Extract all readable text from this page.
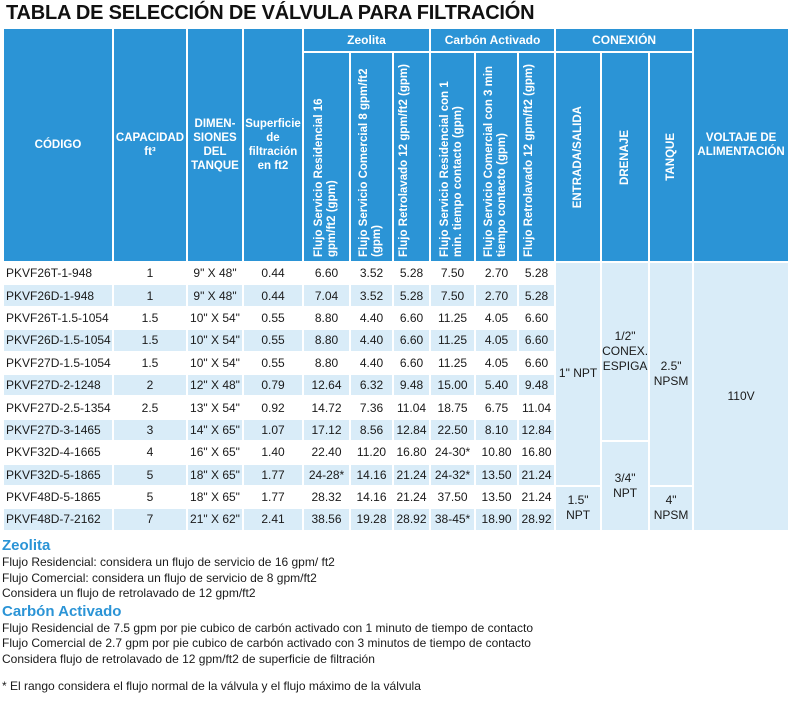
TABLA DE SELECCIÓN DE VÁLVULA PARA FILTRACIÓN
CÓDIGO	CAPACIDAD ft³	DIMEN-SIONES DEL TANQUE	Superficie de filtración en ft2	Zeolita			Carbón Activado			CONEXIÓN			VOLTAJE DE ALIMENTACIÓN

				Flujo Servicio Residencial 16 gpm/ft2 (gpm)	Flujo Servicio Comercial 8 gpm/ft2 (gpm)	Flujo Retrolavado 12 gpm/ft2 (gpm)	Flujo Servicio Residencial con 1 min. tiempo contacto (gpm)	Flujo Servicio Comercial con 3 min tiempo contacto (gpm)	Flujo Retrolavado 12 gpm/ft2 (gpm)	ENTRADA/SALIDA	DRENAJE	TANQUE	

PKVF26T-1-948	1	9" X 48"	0.44	6.60	3.52	5.28	7.50	2.70	5.28	1" NPT	1/2" CONEX. ESPIGA	2.5" NPSM	110V
PKVF26D-1-948	1	9" X 48"	0.44	7.04	3.52	5.28	7.50	2.70	5.28				
PKVF26T-1.5-1054	1.5	10" X 54"	0.55	8.80	4.40	6.60	11.25	4.05	6.60				
PKVF26D-1.5-1054	1.5	10" X 54"	0.55	8.80	4.40	6.60	11.25	4.05	6.60				
PKVF27D-1.5-1054	1.5	10" X 54"	0.55	8.80	4.40	6.60	11.25	4.05	6.60				
PKVF27D-2-1248	2	12" X 48"	0.79	12.64	6.32	9.48	15.00	5.40	9.48				
PKVF27D-2.5-1354	2.5	13" X 54"	0.92	14.72	7.36	11.04	18.75	6.75	11.04				
PKVF27D-3-1465	3	14" X 65"	1.07	17.12	8.56	12.84	22.50	8.10	12.84				
PKVF32D-4-1665	4	16" X 65"	1.40	22.40	11.20	16.80	24-30*	10.80	16.80		3/4" NPT		
PKVF32D-5-1865	5	18" X 65"	1.77	24-28*	14.16	21.24	24-32*	13.50	21.24				
PKVF48D-5-1865	5	18" X 65"	1.77	28.32	14.16	21.24	37.50	13.50	21.24	1.5" NPT		4" NPSM	
PKVF48D-7-2162	7	21" X 62"	2.41	38.56	19.28	28.92	38-45*	18.90	28.92				
Zeolita
Flujo Residencial: considera un flujo de servicio de 16 gpm/ ft2
Flujo Comercial: considera un flujo de servicio de 8 gpm/ft2
Considera un flujo de retrolavado de 12 gpm/ft2
Carbón Activado
Flujo Residencial de 7.5 gpm por pie cubico de carbón activado con 1 minuto de tiempo de contacto
Flujo Comercial de 2.7 gpm por pie cubico de carbón activado con 3 minutos de tiempo de contacto
Considera flujo de retrolavado de 12 gpm/ft2 de superficie de filtración
* El rango considera el flujo normal de la válvula y el flujo máximo de la válvula
